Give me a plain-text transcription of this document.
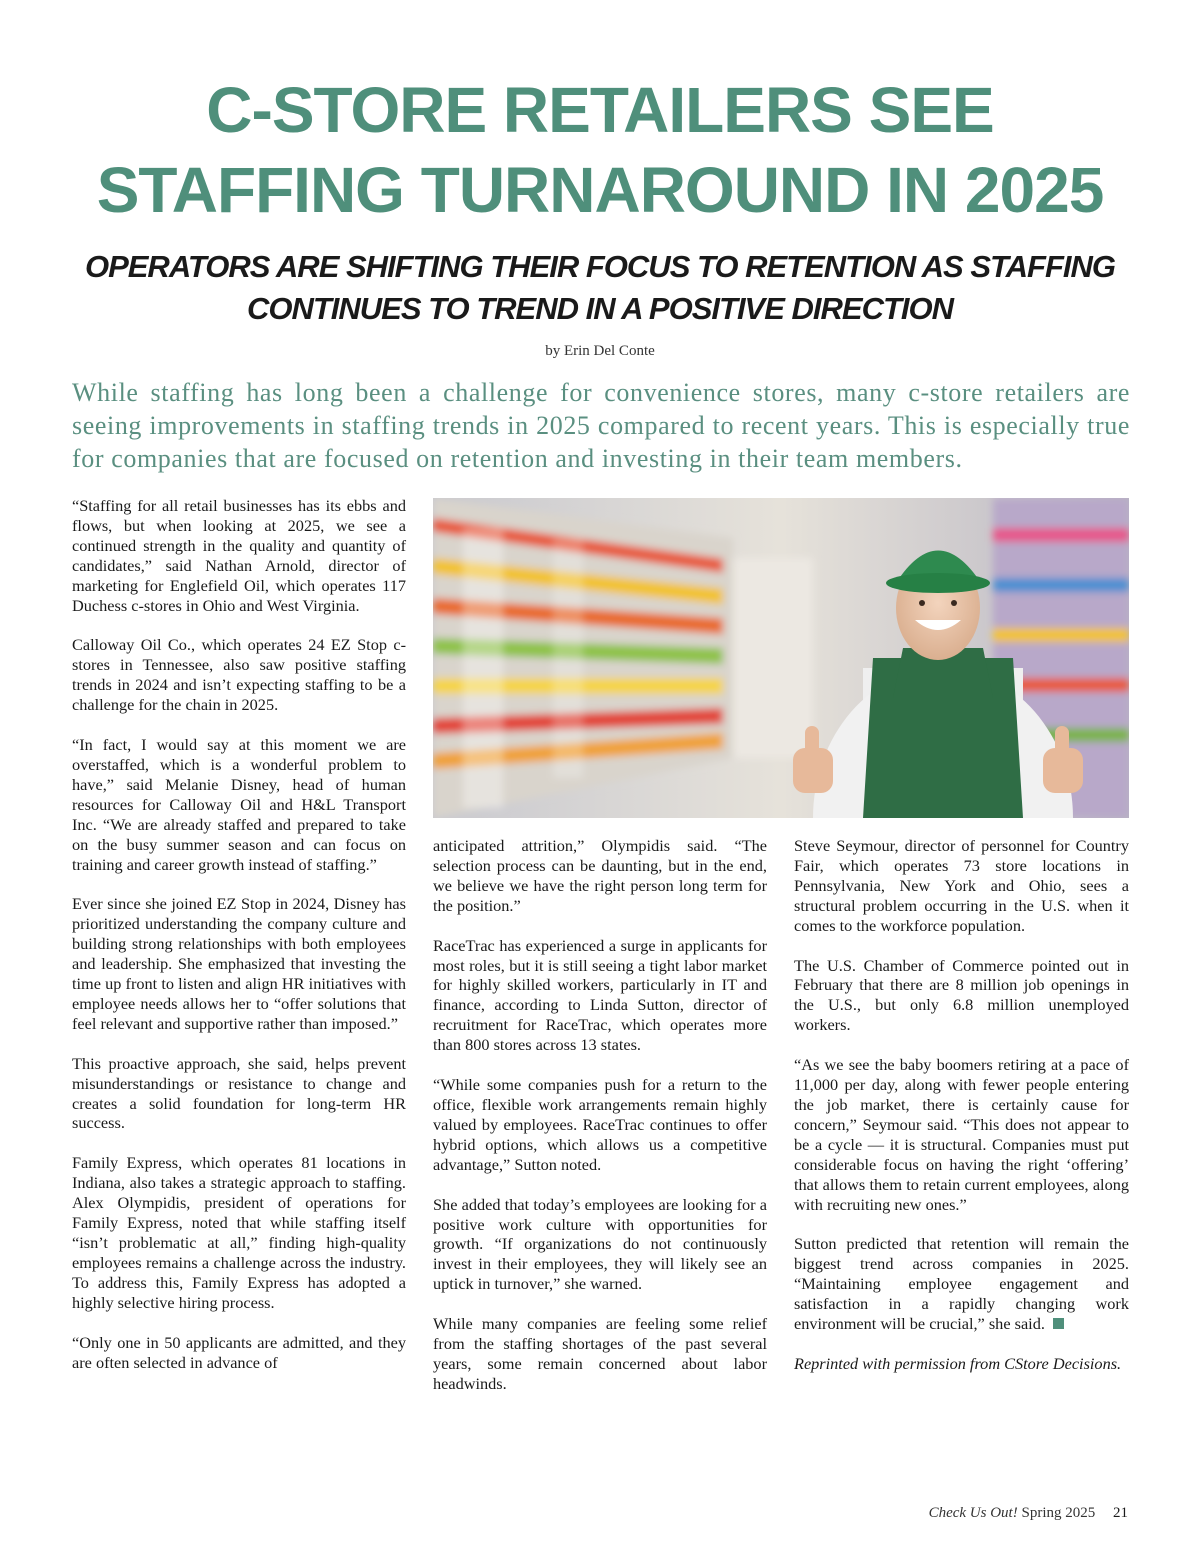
C-STORE RETAILERS SEE
STAFFING TURNAROUND IN 2025
OPERATORS ARE SHIFTING THEIR FOCUS TO RETENTION AS STAFFING
CONTINUES TO TREND IN A POSITIVE DIRECTION
by Erin Del Conte
While staffing has long been a challenge for convenience stores, many c-store retailers are seeing improvements in staffing trends in 2025 compared to recent years. This is especially true for companies that are focused on retention and investing in their team members.

“Staffing for all retail businesses has its ebbs and flows, but when looking at 2025, we see a continued strength in the quality and quantity of candidates,” said Nathan Arnold, director of marketing for Englefield Oil, which operates 117 Duchess c-stores in Ohio and West Virginia.

Calloway Oil Co., which operates 24 EZ Stop c-stores in Tennessee, also saw positive staffing trends in 2024 and isn’t expecting staffing to be a challenge for the chain in 2025.

“In fact, I would say at this moment we are overstaffed, which is a wonderful problem to have,” said Melanie Disney, head of human resources for Calloway Oil and H&L Transport Inc. “We are already staffed and prepared to take on the busy summer season and can focus on training and career growth instead of staffing.”

Ever since she joined EZ Stop in 2024, Disney has prioritized understanding the company culture and building strong relationships with both employees and leadership. She emphasized that investing the time up front to listen and align HR initiatives with employee needs allows her to “offer solutions that feel relevant and supportive rather than imposed.”

This proactive approach, she said, helps prevent misunderstandings or resistance to change and creates a solid foundation for long-term HR success.

Family Express, which operates 81 locations in Indiana, also takes a strategic approach to staffing. Alex Olympidis, president of operations for Family Express, noted that while staffing itself “isn’t problematic at all,” finding high-quality employees remains a challenge across the industry. To address this, Family Express has adopted a highly selective hiring process.

“Only one in 50 applicants are admitted, and they are often selected in advance of

anticipated attrition,” Olympidis said. “The selection process can be daunting, but in the end, we believe we have the right person long term for the position.”

RaceTrac has experienced a surge in applicants for most roles, but it is still seeing a tight labor market for highly skilled workers, particularly in IT and finance, according to Linda Sutton, director of recruitment for RaceTrac, which operates more than 800 stores across 13 states.

“While some companies push for a return to the office, flexible work arrangements remain highly valued by employees. RaceTrac continues to offer hybrid options, which allows us a competitive advantage,” Sutton noted.

She added that today’s employees are looking for a positive work culture with opportunities for growth. “If organizations do not continuously invest in their employees, they will likely see an uptick in turnover,” she warned.

While many companies are feeling some relief from the staffing shortages of the past several years, some remain concerned about labor headwinds.

Steve Seymour, director of personnel for Country Fair, which operates 73 store locations in Pennsylvania, New York and Ohio, sees a structural problem occurring in the U.S. when it comes to the workforce population.

The U.S. Chamber of Commerce pointed out in February that there are 8 million job openings in the U.S., but only 6.8 million unemployed workers.

“As we see the baby boomers retiring at a pace of 11,000 per day, along with fewer people entering the job market, there is certainly cause for concern,” Seymour said. “This does not appear to be a cycle — it is structural. Companies must put considerable focus on having the right ‘offering’ that allows them to retain current employees, along with recruiting new ones.”

Sutton predicted that retention will remain the biggest trend across companies in 2025. “Maintaining employee engagement and satisfaction in a rapidly changing work environment will be crucial,” she said.

Reprinted with permission from CStore Decisions.

Check Us Out! Spring 2025 21
